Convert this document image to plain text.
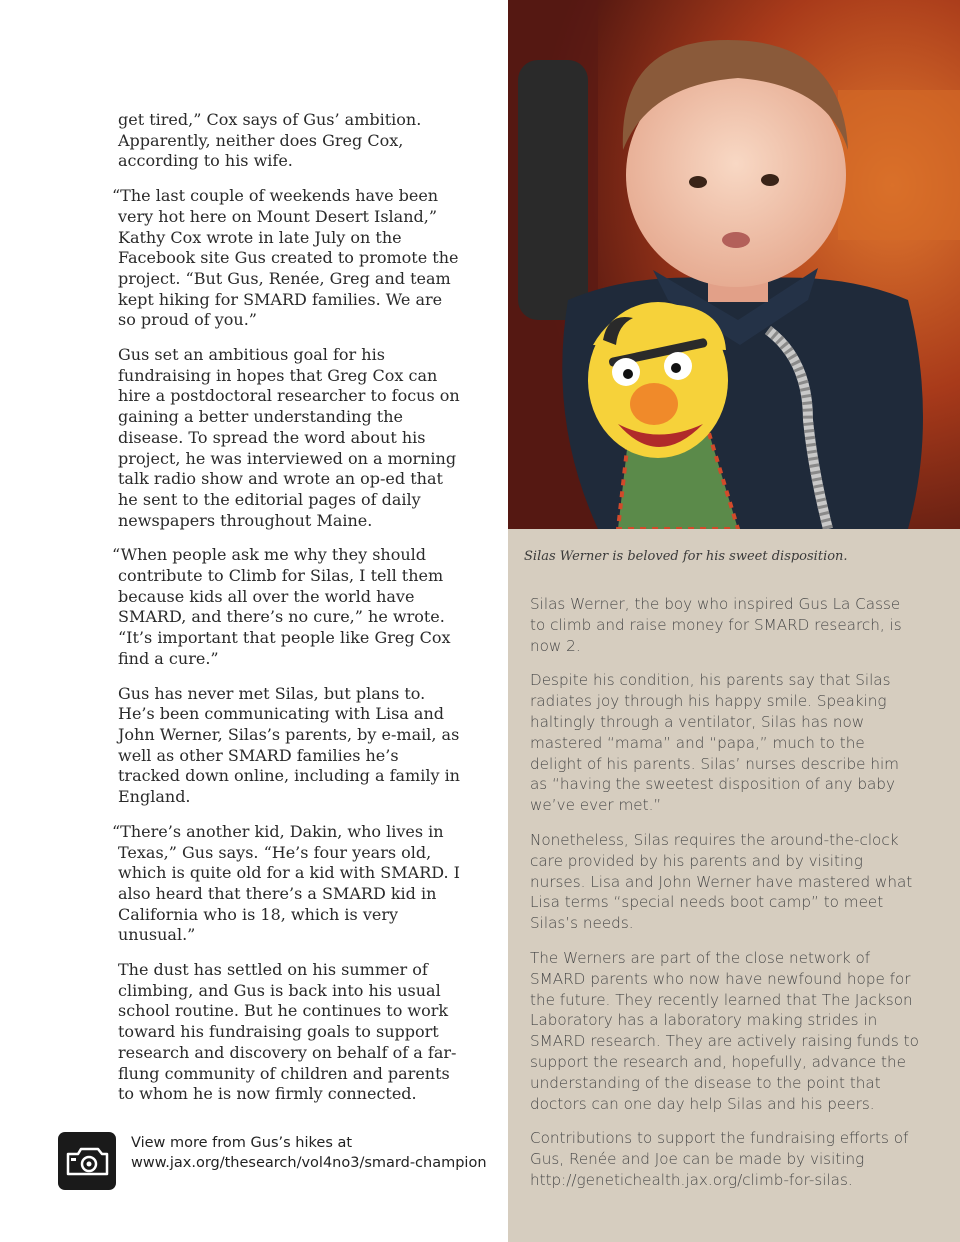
get tired,” Cox says of Gus’ ambition. Apparently, neither does Greg Cox, according to his wife.

“The last couple of weekends have been very hot here on Mount Desert Island,” Kathy Cox wrote in late July on the Facebook site Gus created to promote the project. “But Gus, Renée, Greg and team kept hiking for SMARD families. We are so proud of you.”

Gus set an ambitious goal for his fundraising in hopes that Greg Cox can hire a postdoctoral researcher to focus on gaining a better understanding the disease. To spread the word about his project, he was interviewed on a morning talk radio show and wrote an op-ed that he sent to the editorial pages of daily newspapers throughout Maine.

“When people ask me why they should contribute to Climb for Silas, I tell them because kids all over the world have SMARD, and there’s no cure,” he wrote. “It’s important that people like Greg Cox find a cure.”

Gus has never met Silas, but plans to. He’s been communicating with Lisa and John Werner, Silas’s parents, by e-mail, as well as other SMARD families he’s tracked down online, including a family in England.

“There’s another kid, Dakin, who lives in Texas,” Gus says. “He’s four years old, which is quite old for a kid with SMARD. I also heard that there’s a SMARD kid in California who is 18, which is very unusual.”

The dust has settled on his summer of climbing, and Gus is back into his usual school routine. But he continues to work toward his fundraising goals to support research and discovery on behalf of a far-flung community of children and parents to whom he is now firmly connected.

Silas Werner is beloved for his sweet disposition.

Silas Werner, the boy who inspired Gus La Casse to climb and raise money for SMARD research, is now 2.

Despite his condition, his parents say that Silas radiates joy through his happy smile. Speaking haltingly through a ventilator, Silas has now mastered “mama” and “papa,” much to the delight of his parents. Silas’ nurses describe him as “having the sweetest disposition of any baby we’ve ever met.”

Nonetheless, Silas requires the around-the-clock care provided by his parents and by visiting nurses. Lisa and John Werner have mastered what Lisa terms “special needs boot camp” to meet Silas’s needs.

The Werners are part of the close network of SMARD parents who now have newfound hope for the future. They recently learned that The Jackson Laboratory has a laboratory making strides in SMARD research. They are actively raising funds to support the research and, hopefully, advance the understanding of the disease to the point that doctors can one day help Silas and his peers.

Contributions to support the fundraising efforts of Gus, Renée and Joe can be made by visiting http://genetichealth.jax.org/climb-for-silas.

View more from Gus’s hikes at
www.jax.org/thesearch/vol4no3/smard-champion
